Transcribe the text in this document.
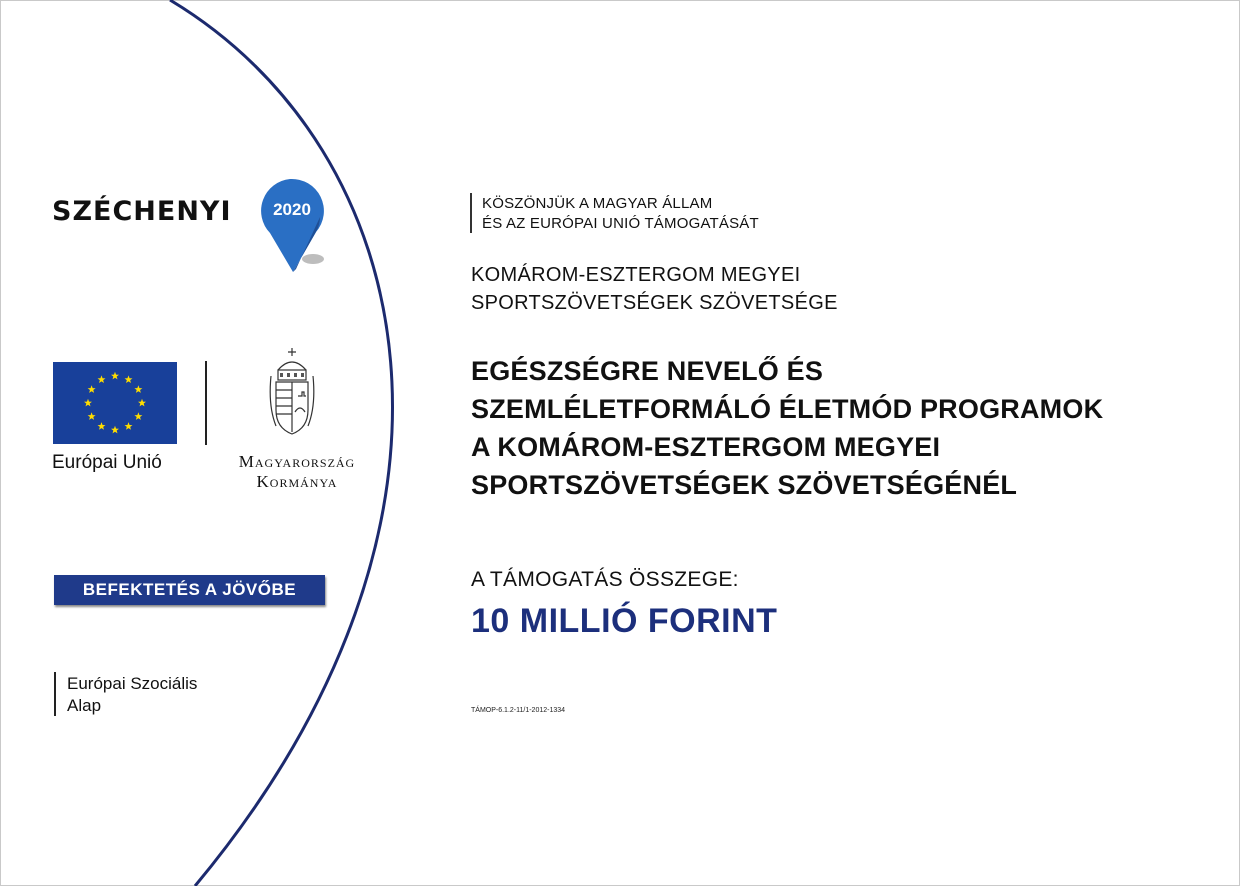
SZÉCHENYI	2020
Európai Unió	Magyarország
Kormánya
BEFEKTETÉS A JÖVŐBE
Európai Szociális
Alap
KÖSZÖNJÜK A MAGYAR ÁLLAM
ÉS AZ EURÓPAI UNIÓ TÁMOGATÁSÁT
KOMÁROM-ESZTERGOM MEGYEI
SPORTSZÖVETSÉGEK SZÖVETSÉGE
EGÉSZSÉGRE NEVELŐ ÉS
SZEMLÉLETFORMÁLÓ ÉLETMÓD PROGRAMOK
A KOMÁROM-ESZTERGOM MEGYEI
SPORTSZÖVETSÉGEK SZÖVETSÉGÉNÉL
A TÁMOGATÁS ÖSSZEGE:
10 MILLIÓ FORINT
TÁMOP-6.1.2-11/1-2012-1334
